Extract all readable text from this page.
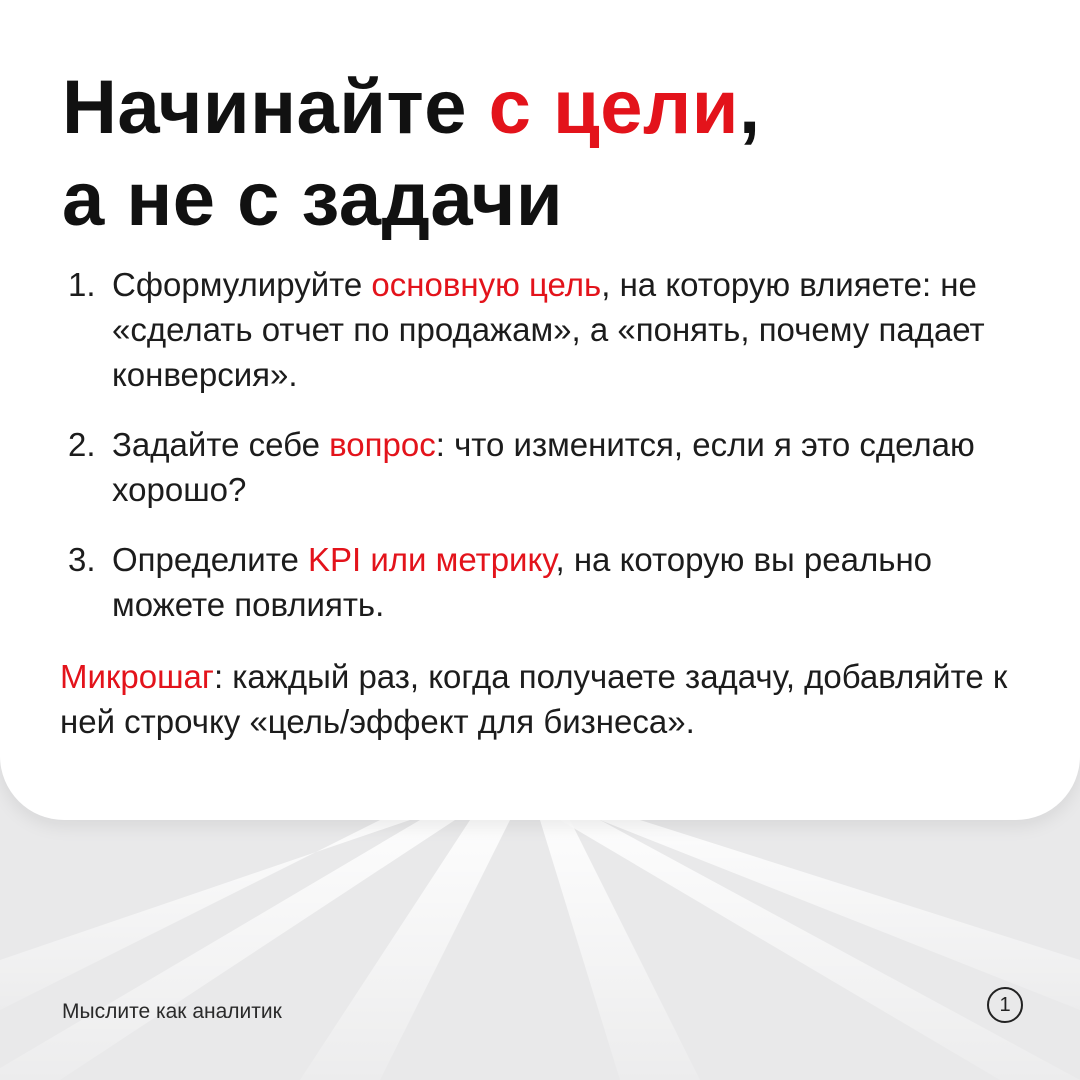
Начинайте с цели,
а не с задачи
1. Сформулируйте основную цель, на которую влияете: не «сделать отчет по продажам», а «понять, почему падает конверсия».
2. Задайте себе вопрос: что изменится, если я это сделаю хорошо?
3. Определите KPI или метрику, на которую вы реально можете повлиять.

Микрошаг: каждый раз, когда получаете задачу, добавляйте к ней строчку «цель/эффект для бизнеса».

Мыслите как аналитик	1
